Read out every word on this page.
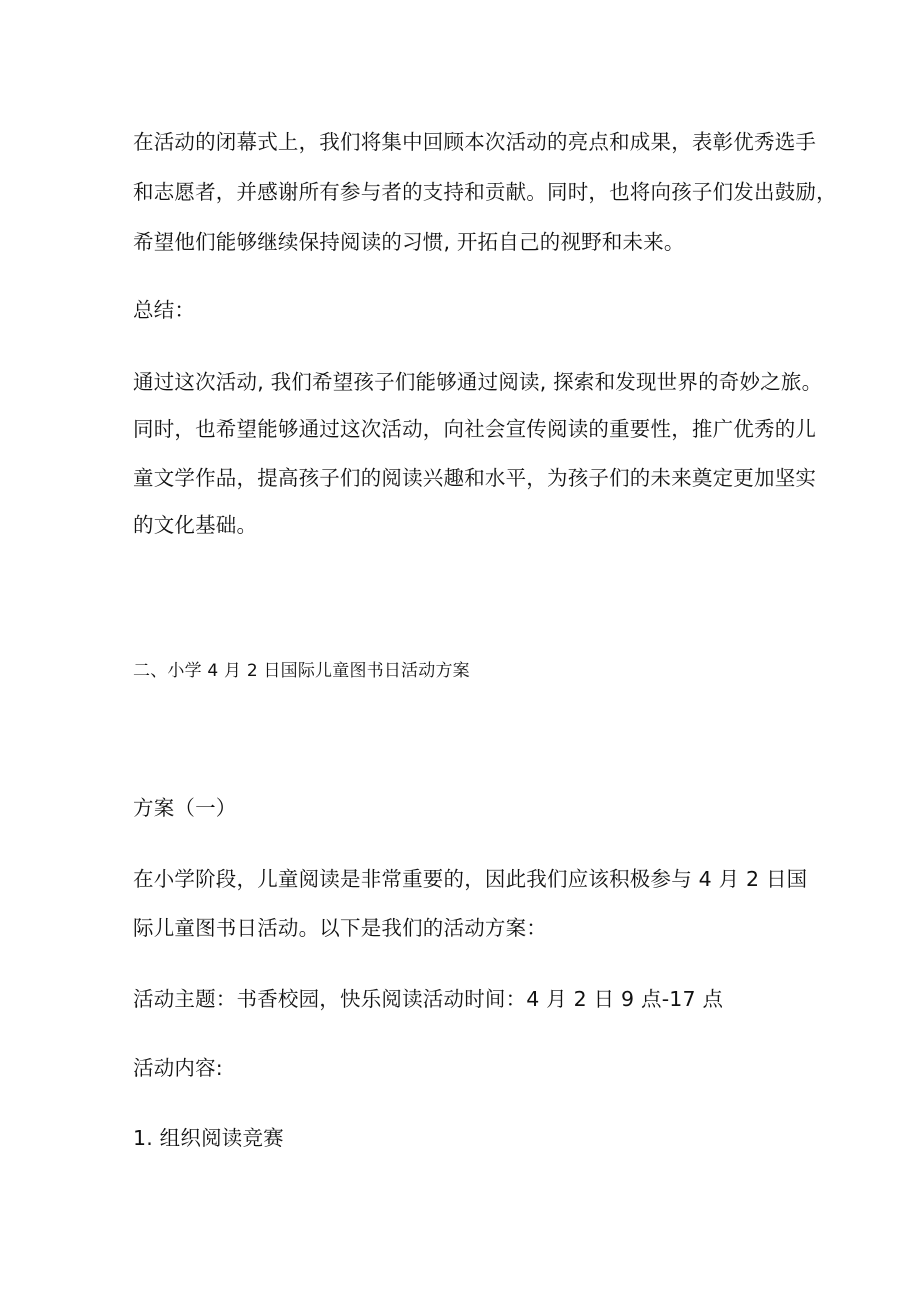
在活动的闭幕式上，我们将集中回顾本次活动的亮点和成果，表彰优秀选手

和志愿者，并感谢所有参与者的支持和贡献。同时，也将向孩子们发出鼓励，

希望他们能够继续保持阅读的习惯, 开拓自己的视野和未来。

总结：

通过这次活动, 我们希望孩子们能够通过阅读, 探索和发现世界的奇妙之旅。

同时，也希望能够通过这次活动，向社会宣传阅读的重要性，推广优秀的儿

童文学作品，提高孩子们的阅读兴趣和水平，为孩子们的未来奠定更加坚实

的文化基础。

二、小学 4 月 2 日国际儿童图书日活动方案

方案（一）

在小学阶段，儿童阅读是非常重要的，因此我们应该积极参与 4 月 2 日国

际儿童图书日活动。以下是我们的活动方案：

活动主题：书香校园，快乐阅读活动时间：4 月 2 日 9 点-17 点

活动内容:

1. 组织阅读竞赛
